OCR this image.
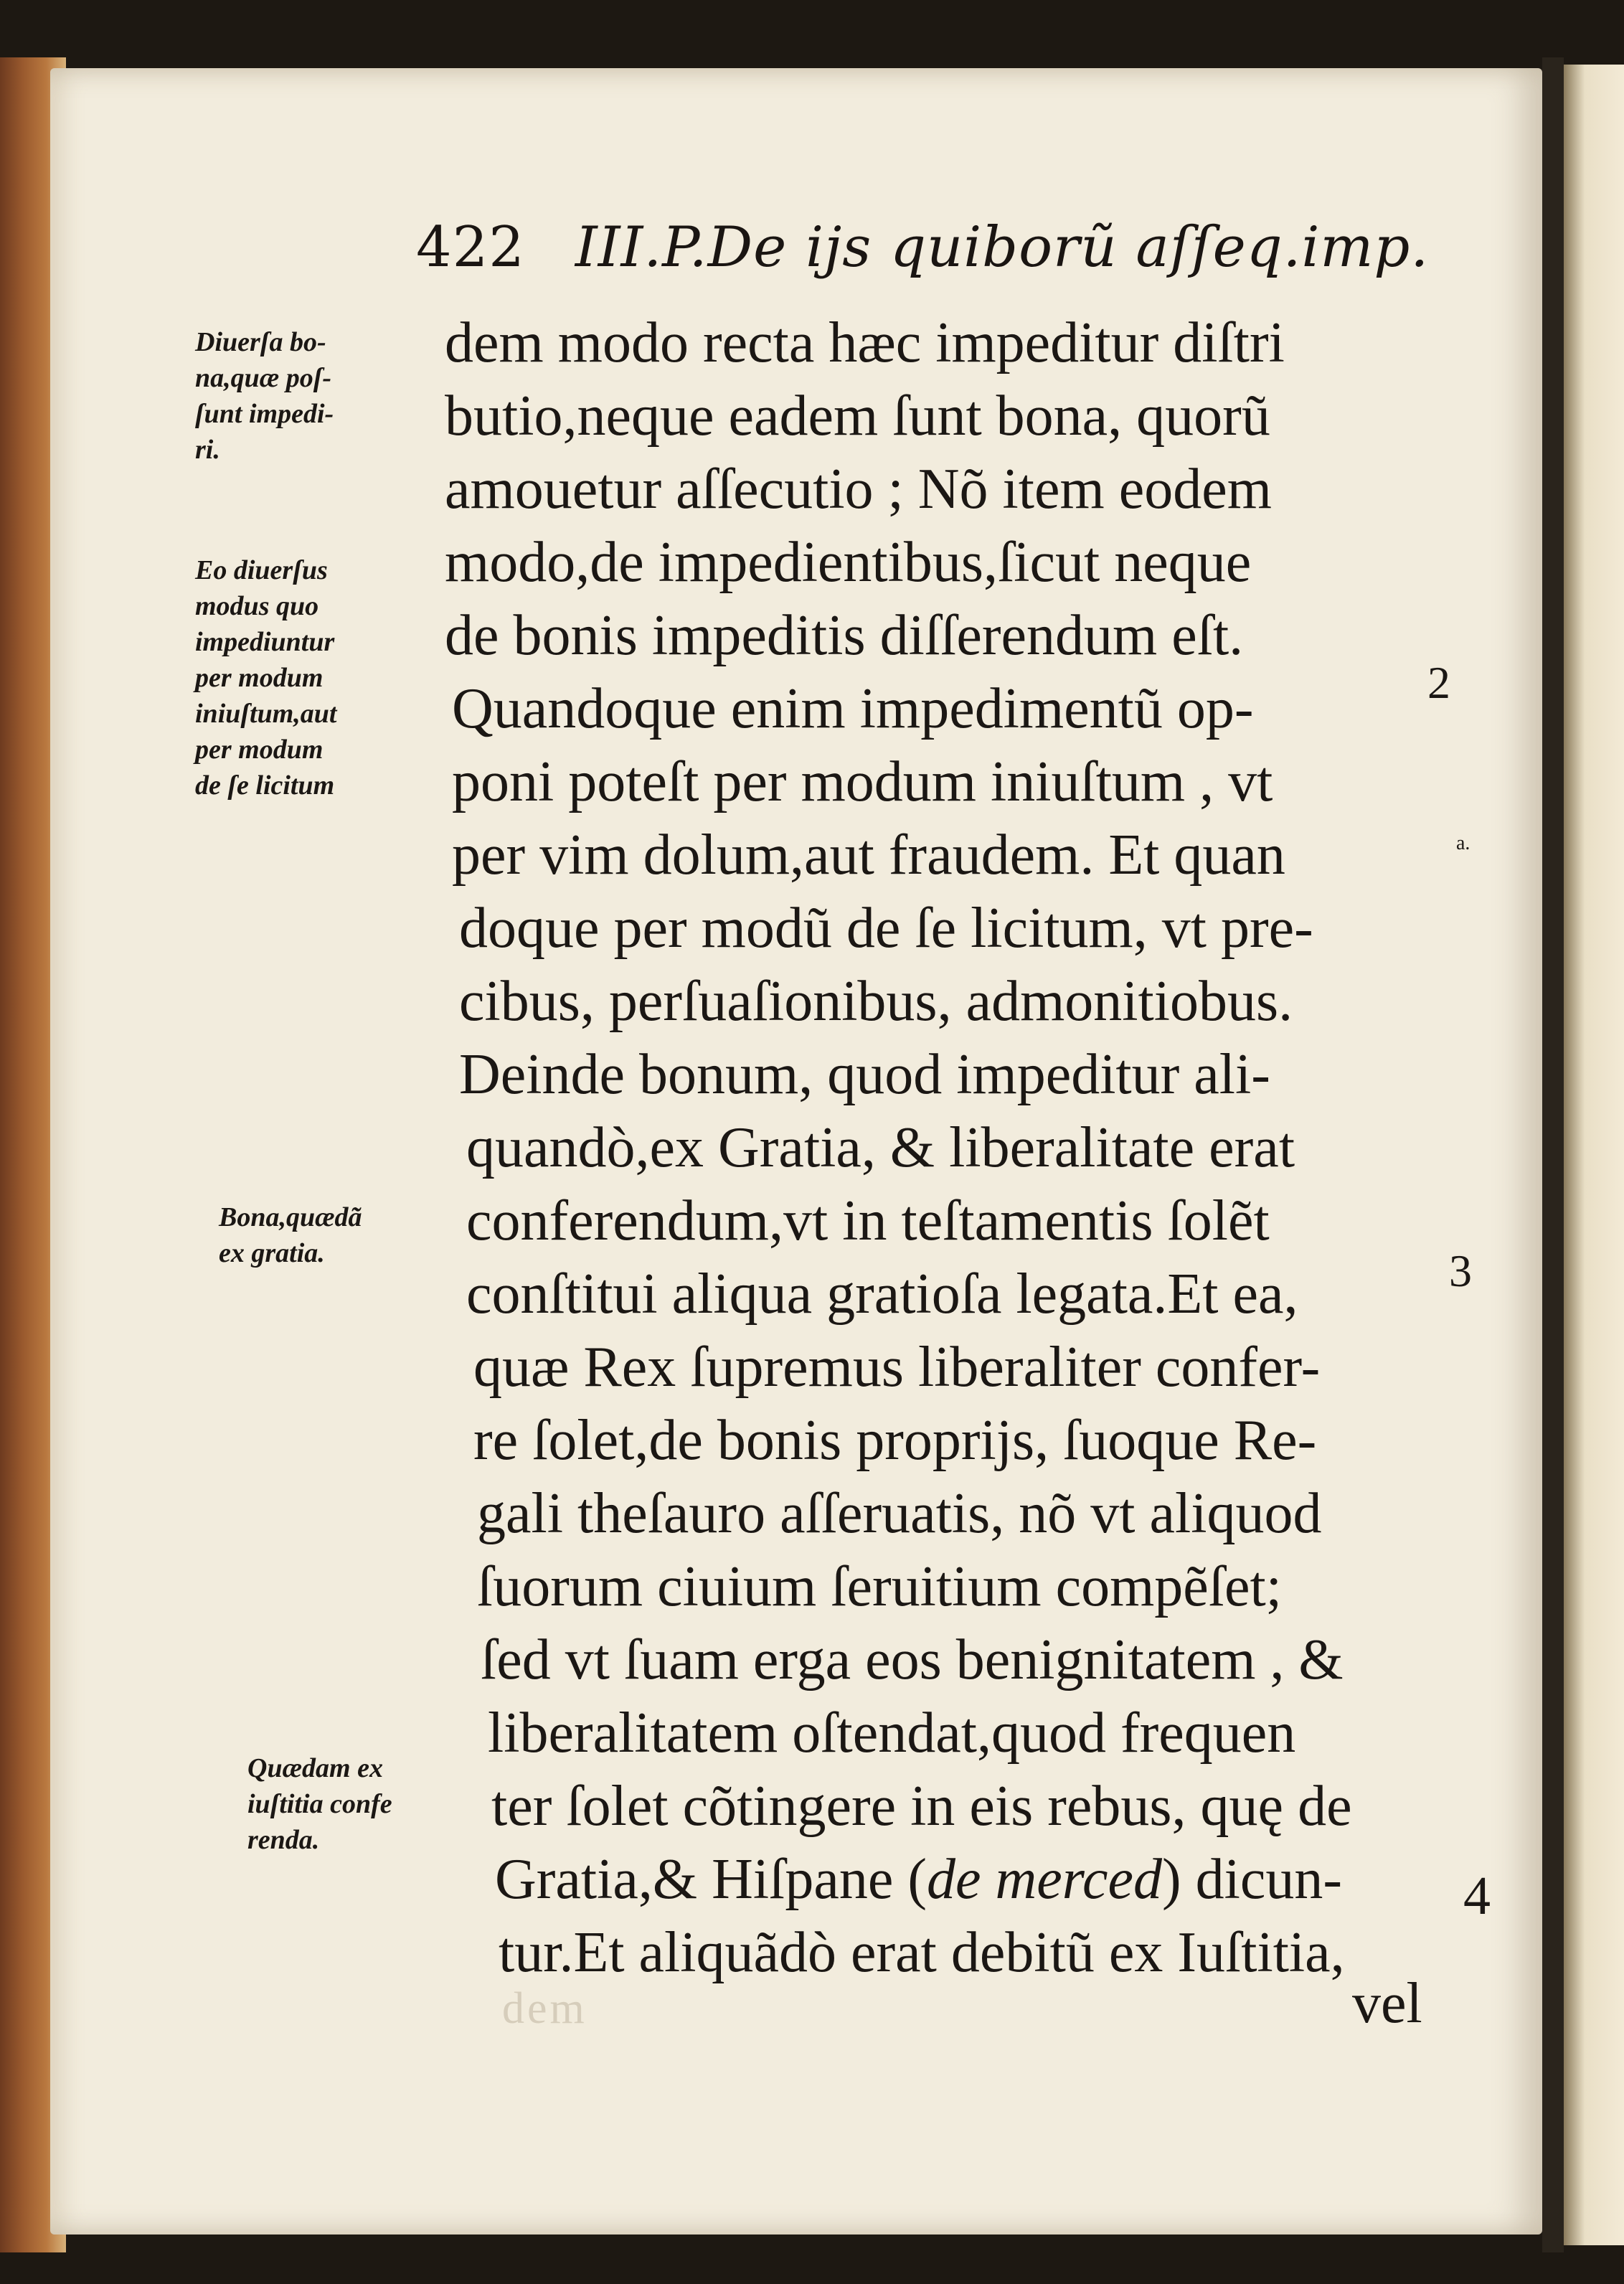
422 III.P.De ijs quiborũ aſſeq.imp.
dem modo recta hæc impeditur diſtri
butio,neque eadem ſunt bona, quorũ
amouetur aſſecutio ; Nõ item eodem
modo,de impedientibus,ſicut neque
de bonis impeditis diſſerendum eſt.
Quandoque enim impedimentũ op-
poni poteſt per modum iniuſtum , vt
per vim dolum,aut fraudem. Et quan
doque per modũ de ſe licitum, vt pre-
cibus, perſuaſionibus, admonitiobus.
Deinde bonum, quod impeditur ali-
quandò,ex Gratia, & liberalitate erat
conferendum,vt in teſtamentis ſolẽt
conſtitui aliqua gratioſa legata.Et ea,
quæ Rex ſupremus liberaliter confer-
re ſolet,de bonis proprijs, ſuoque Re-
gali theſauro aſſeruatis, nõ vt aliquod
ſuorum ciuium ſeruitium compẽſet;
ſed vt ſuam erga eos benignitatem , &
liberalitatem oſtendat,quod frequen
ter ſolet cõtingere in eis rebus, quę de
Gratia,& Hiſpane (de merced) dicun-
tur.Et aliquãdò erat debitũ ex Iuſtitia,
vel
dem
Diuerſa bo-
na,quæ poſ-
ſunt impedi-
ri.
Eo diuerſus
modus quo
impediuntur
per modum
iniuſtum,aut
per modum
de ſe licitum
Bona,quædã
ex gratia.
Quædam ex
iuſtitia confe
renda.
2
a.
3
4
